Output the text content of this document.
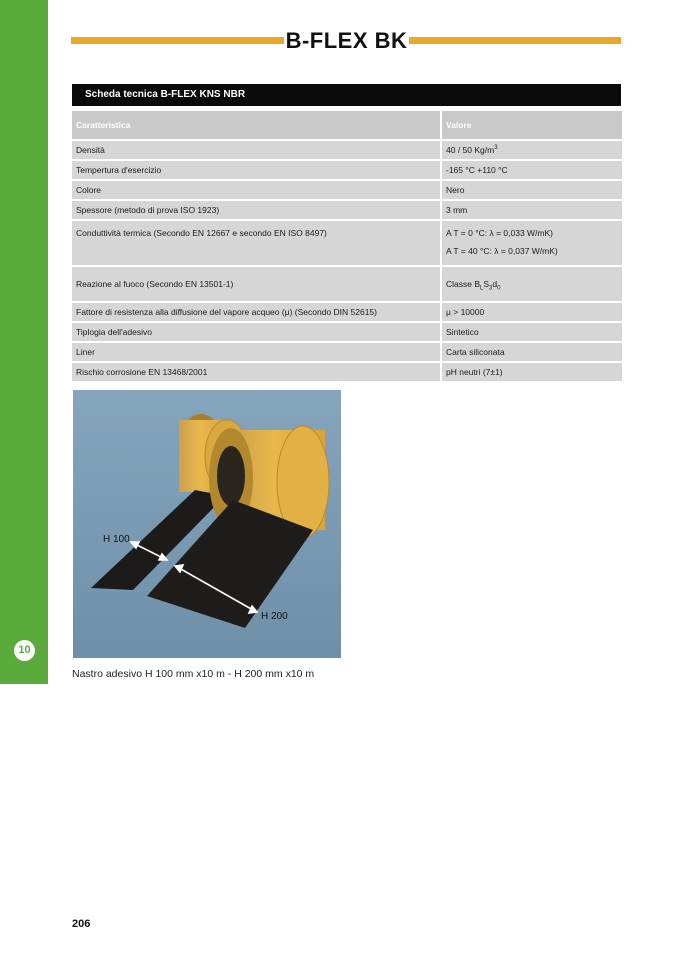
10
B-FLEX BK
Scheda tecnica B-FLEX KNS NBR
Caratteristica	Valore
Densità	40 / 50 $Kg/m^3$
Tempertura d'esercizio	-165 °C +110 °C
Colore	Nero
Spessore (metodo di prova ISO 1923)	3 mm
Conduttività termica (Secondo EN 12667 e secondo EN ISO 8497)	A T = 0 °C: λ = 0,033 W/mK)
A T = 40 °C: λ = 0,037 W/mK)

Reazione al fuoco (Secondo EN 13501-1)	Classe $B_LS_3d_0$
Fattore di resistenza alla diffusione del vapore acqueo (μ) (Secondo DIN 52615)	μ > 10000
Tiplogia dell'adesivo	Sintetico
Liner	Carta siliconata
Rischio corrosione EN 13468/2001	pH neutri (7±1)
H 100
H 200
Nastro adesivo H 100 mm x10 m - H 200 mm x10 m
206
